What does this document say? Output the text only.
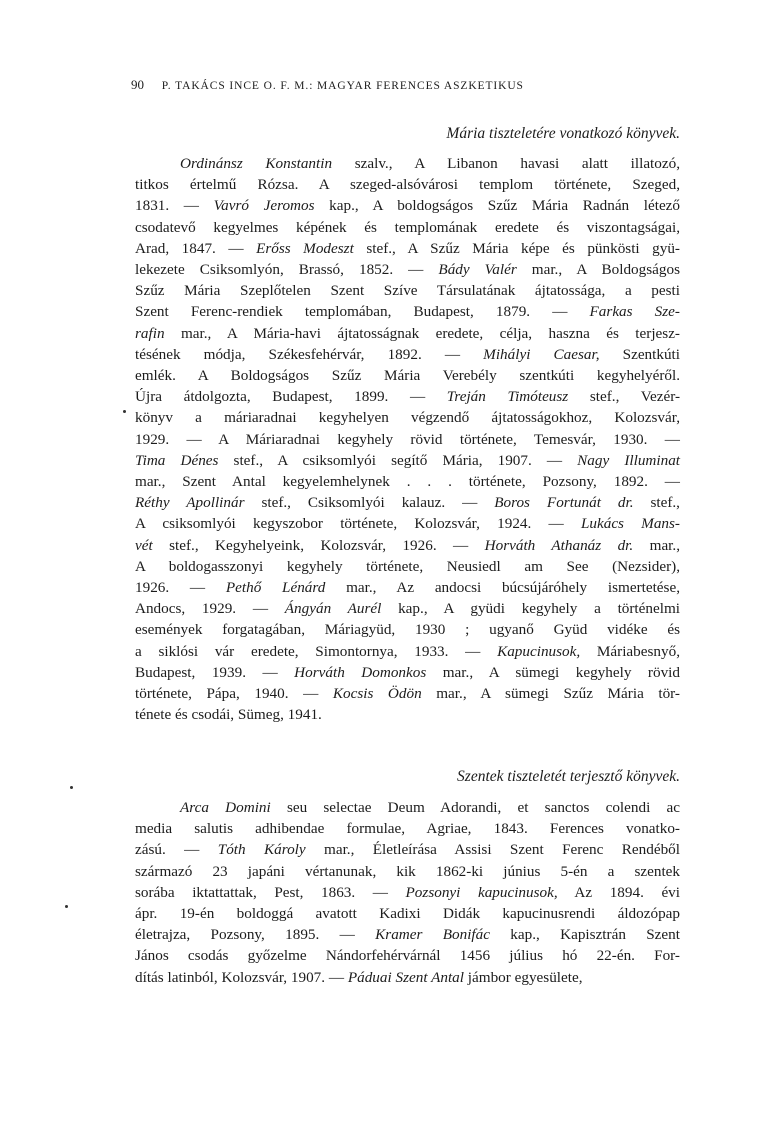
90 P. TAKÁCS INCE O. F. M.: MAGYAR FERENCES ASZKETIKUS
Mária tiszteletére vonatkozó könyvek.
Ordinánsz Konstantin szalv., A Libanon havasi alatt illatozó,
titkos értelmű Rózsa. A szeged-alsóvárosi templom története, Szeged,
1831. — Vavró Jeromos kap., A boldogságos Szűz Mária Radnán létező
csodatevő kegyelmes képének és templomának eredete és viszontagságai,
Arad, 1847. — Erőss Modeszt stef., A Szűz Mária képe és pünkösti gyü-
lekezete Csiksomlyón, Brassó, 1852. — Bády Valér mar., A Boldogságos
Szűz Mária Szeplőtelen Szent Szíve Társulatának ájtatossága, a pesti
Szent Ferenc-rendiek templomában, Budapest, 1879. — Farkas Sze-
rafin mar., A Mária-havi ájtatosságnak eredete, célja, haszna és terjesz-
tésének módja, Székesfehérvár, 1892. — Mihályi Caesar, Szentkúti
emlék. A Boldogságos Szűz Mária Verebély szentkúti kegyhelyéről.
Újra átdolgozta, Budapest, 1899. — Treján Timóteusz stef., Vezér-
könyv a máriaradnai kegyhelyen végzendő ájtatosságokhoz, Kolozsvár,
1929. — A Máriaradnai kegyhely rövid története, Temesvár, 1930. —
Tima Dénes stef., A csiksomlyói segítő Mária, 1907. — Nagy Illuminat
mar., Szent Antal kegyelemhelynek . . . története, Pozsony, 1892. —
Réthy Apollinár stef., Csiksomlyói kalauz. — Boros Fortunát dr. stef.,
A csiksomlyói kegyszobor története, Kolozsvár, 1924. — Lukács Mans-
vét stef., Kegyhelyeink, Kolozsvár, 1926. — Horváth Athanáz dr. mar.,
A boldogasszonyi kegyhely története, Neusiedl am See (Nezsider),
1926. — Pethő Lénárd mar., Az andocsi búcsújáróhely ismertetése,
Andocs, 1929. — Ángyán Aurél kap., A gyüdi kegyhely a történelmi
események forgatagában, Máriagyüd, 1930 ; ugyanő Gyüd vidéke és
a siklósi vár eredete, Simontornya, 1933. — Kapucinusok, Máriabesnyő,
Budapest, 1939. — Horváth Domonkos mar., A sümegi kegyhely rövid
története, Pápa, 1940. — Kocsis Ödön mar., A sümegi Szűz Mária tör-
ténete és csodái, Sümeg, 1941.
Szentek tiszteletét terjesztő könyvek.
Arca Domini seu selectae Deum Adorandi, et sanctos colendi ac
media salutis adhibendae formulae, Agriae, 1843. Ferences vonatko-
zású. — Tóth Károly mar., Életleírása Assisi Szent Ferenc Rendéből
származó 23 japáni vértanunak, kik 1862-ki június 5-én a szentek
sorába iktattattak, Pest, 1863. — Pozsonyi kapucinusok, Az 1894. évi
ápr. 19-én boldoggá avatott Kadixi Didák kapucinusrendi áldozópap
életrajza, Pozsony, 1895. — Kramer Bonifác kap., Kapisztrán Szent
János csodás győzelme Nándorfehérvárnál 1456 július hó 22-én. For-
dítás latinból, Kolozsvár, 1907. — Páduai Szent Antal jámbor egyesülete,
